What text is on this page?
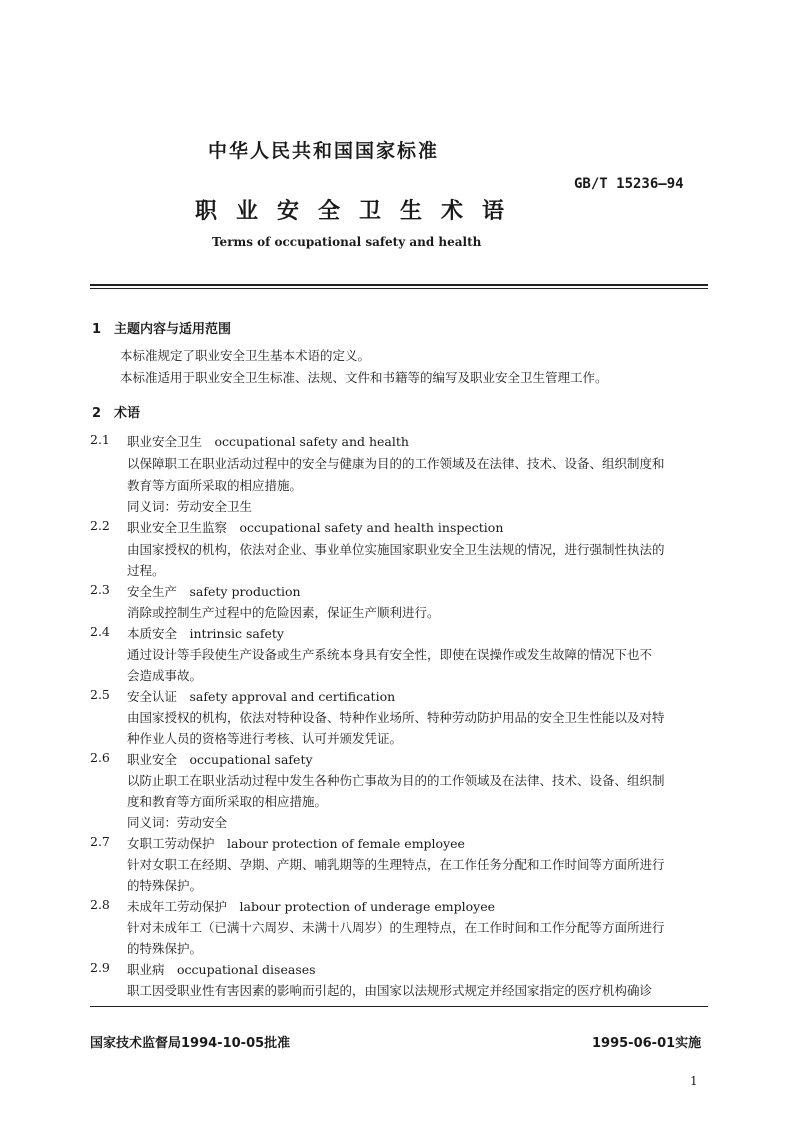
中华人民共和国国家标准
GB/T 15236—94
职业安全卫生术语
Terms of occupational safety and health
1　主题内容与适用范围
本标准规定了职业安全卫生基本术语的定义。
本标准适用于职业安全卫生标准、法规、文件和书籍等的编写及职业安全卫生管理工作。
2　术语
2.1 职业安全卫生　occupational safety and health
以保障职工在职业活动过程中的安全与健康为目的的工作领域及在法律、技术、设备、组织制度和
教育等方面所采取的相应措施。
同义词：劳动安全卫生
2.2 职业安全卫生监察　occupational safety and health inspection
由国家授权的机构，依法对企业、事业单位实施国家职业安全卫生法规的情况，进行强制性执法的
过程。
2.3 安全生产　safety production
消除或控制生产过程中的危险因素，保证生产顺利进行。
2.4 本质安全　intrinsic safety
通过设计等手段使生产设备或生产系统本身具有安全性，即使在误操作或发生故障的情况下也不
会造成事故。
2.5 安全认证　safety approval and certification
由国家授权的机构，依法对特种设备、特种作业场所、特种劳动防护用品的安全卫生性能以及对特
种作业人员的资格等进行考核、认可并颁发凭证。
2.6 职业安全　occupational safety
以防止职工在职业活动过程中发生各种伤亡事故为目的的工作领域及在法律、技术、设备、组织制
度和教育等方面所采取的相应措施。
同义词：劳动安全
2.7 女职工劳动保护　labour protection of female employee
针对女职工在经期、孕期、产期、哺乳期等的生理特点，在工作任务分配和工作时间等方面所进行
的特殊保护。
2.8 未成年工劳动保护　labour protection of underage employee
针对未成年工（已满十六周岁、未满十八周岁）的生理特点，在工作时间和工作分配等方面所进行
的特殊保护。
2.9 职业病　occupational diseases
职工因受职业性有害因素的影响而引起的，由国家以法规形式规定并经国家指定的医疗机构确诊
国家技术监督局1994-10-05批准	1995-06-01实施
1
